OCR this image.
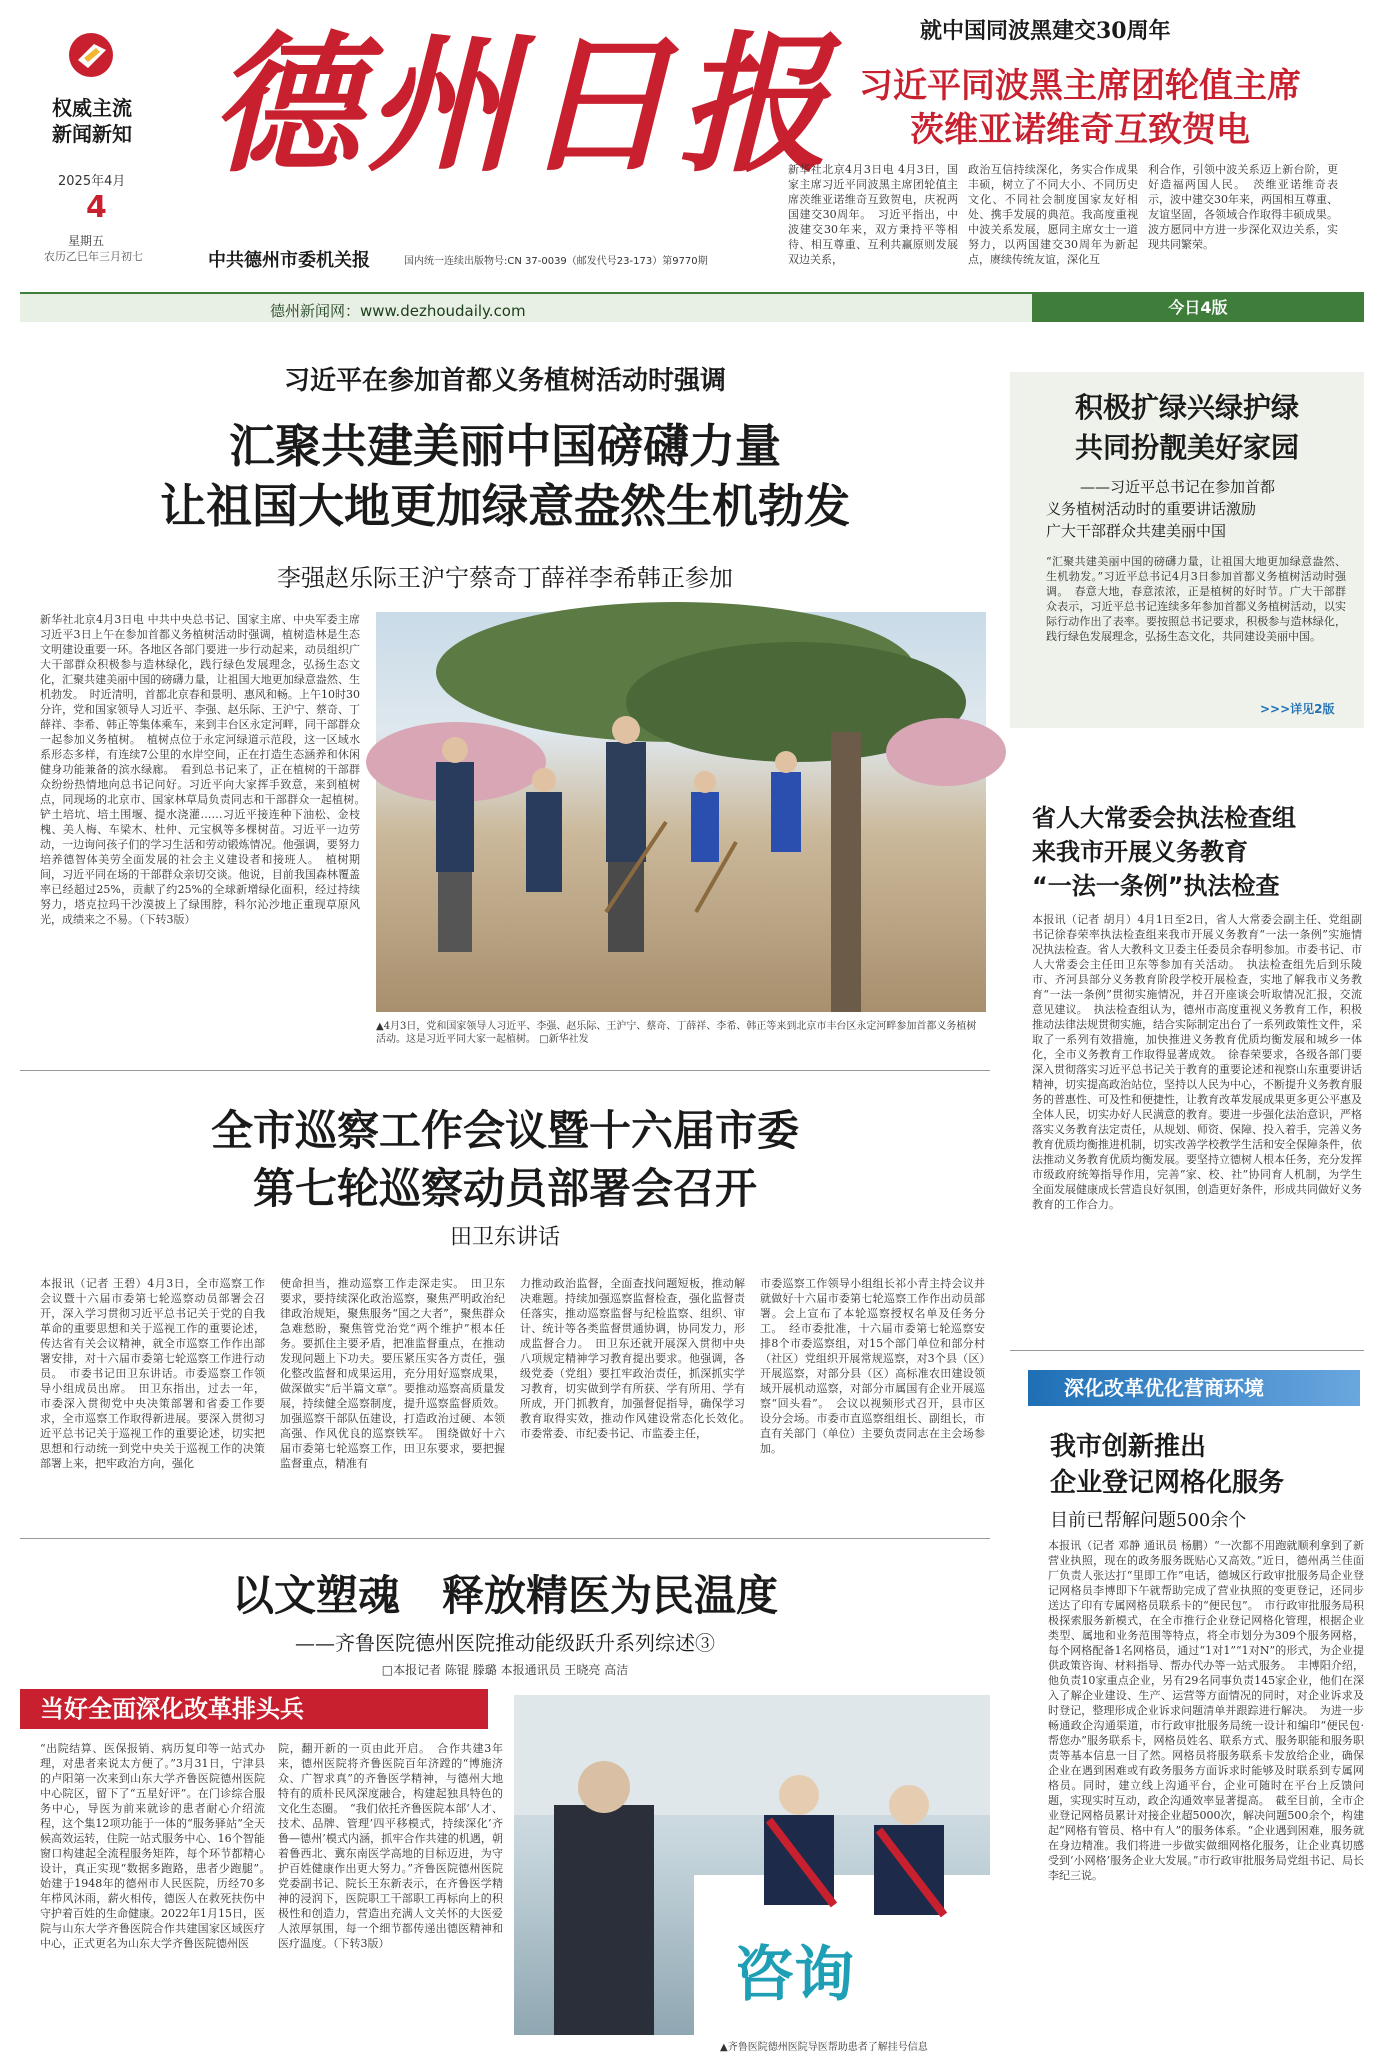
权威主流
新闻新知 德州日报
2025年4月
4
星期五
农历乙巳年三月初七	中共德州市委机关报	国内统一连续出版物号:CN 37-0039（邮发代号23-173）第9770期
就中国同波黑建交30周年
习近平同波黑主席团轮值主席
茨维亚诺维奇互致贺电
新华社北京4月3日电 4月3日，国家主席习近平同波黑主席团轮值主席茨维亚诺维奇互致贺电，庆祝两国建交30周年。　习近平指出，中波建交30年来，双方秉持平等相待、相互尊重、互利共赢原则发展双边关系，
政治互信持续深化，务实合作成果丰硕，树立了不同大小、不同历史文化、不同社会制度国家友好相处、携手发展的典范。我高度重视中波关系发展，愿同主席女士一道努力，以两国建交30周年为新起点，赓续传统友谊，深化互
利合作，引领中波关系迈上新台阶，更好造福两国人民。　茨维亚诺维奇表示，波中建交30年来，两国相互尊重、友谊坚固，各领域合作取得丰硕成果。波方愿同中方进一步深化双边关系，实现共同繁荣。
德州新闻网：www.dezhoudaily.com	今日4版
习近平在参加首都义务植树活动时强调
汇聚共建美丽中国磅礴力量
让祖国大地更加绿意盎然生机勃发
李强赵乐际王沪宁蔡奇丁薛祥李希韩正参加
新华社北京4月3日电 中共中央总书记、国家主席、中央军委主席习近平3日上午在参加首都义务植树活动时强调，植树造林是生态文明建设重要一环。各地区各部门要进一步行动起来，动员组织广大干部群众积极参与造林绿化，践行绿色发展理念，弘扬生态文化，汇聚共建美丽中国的磅礴力量，让祖国大地更加绿意盎然、生机勃发。　时近清明，首都北京春和景明、惠风和畅。上午10时30分许，党和国家领导人习近平、李强、赵乐际、王沪宁、蔡奇、丁薛祥、李希、韩正等集体乘车，来到丰台区永定河畔，同干部群众一起参加义务植树。　植树点位于永定河绿道示范段，这一区域水系形态多样，有连续7公里的水岸空间，正在打造生态涵养和休闲健身功能兼备的滨水绿廊。　看到总书记来了，正在植树的干部群众纷纷热情地向总书记问好。习近平向大家挥手致意，来到植树点，同现场的北京市、国家林草局负责同志和干部群众一起植树。　铲土培坑、培土围堰、提水浇灌……习近平接连种下油松、金枝槐、美人梅、车梁木、杜仲、元宝枫等多棵树苗。习近平一边劳动，一边询问孩子们的学习生活和劳动锻炼情况。他强调，要努力培养德智体美劳全面发展的社会主义建设者和接班人。　植树期间，习近平同在场的干部群众亲切交谈。他说，目前我国森林覆盖率已经超过25%，贡献了约25%的全球新增绿化面积，经过持续努力，塔克拉玛干沙漠披上了绿围脖，科尔沁沙地正重现草原风光，成绩来之不易。（下转3版）
▲4月3日，党和国家领导人习近平、李强、赵乐际、王沪宁、蔡奇、丁薛祥、李希、韩正等来到北京市丰台区永定河畔参加首都义务植树活动。这是习近平同大家一起植树。 □新华社发
积极扩绿兴绿护绿
共同扮靓美好家园
——习近平总书记在参加首都
义务植树活动时的重要讲话激励
广大干部群众共建美丽中国
“汇聚共建美丽中国的磅礴力量，让祖国大地更加绿意盎然、生机勃发。”习近平总书记4月3日参加首都义务植树活动时强调。　春意大地，春意浓浓，正是植树的好时节。广大干部群众表示，习近平总书记连续多年参加首都义务植树活动，以实际行动作出了表率。要按照总书记要求，积极参与造林绿化，践行绿色发展理念，弘扬生态文化，共同建设美丽中国。
>>>详见2版
省人大常委会执法检查组
来我市开展义务教育
“一法一条例”执法检查
本报讯（记者 胡月）4月1日至2日，省人大常委会副主任、党组副书记徐春荣率执法检查组来我市开展义务教育“一法一条例”实施情况执法检查。省人大教科文卫委主任委员余春明参加。市委书记、市人大常委会主任田卫东等参加有关活动。　执法检查组先后到乐陵市、齐河县部分义务教育阶段学校开展检查，实地了解我市义务教育“一法一条例”贯彻实施情况，并召开座谈会听取情况汇报，交流意见建议。　执法检查组认为，德州市高度重视义务教育工作，积极推动法律法规贯彻实施，结合实际制定出台了一系列政策性文件，采取了一系列有效措施，加快推进义务教育优质均衡发展和城乡一体化，全市义务教育工作取得显著成效。　徐春荣要求，各级各部门要深入贯彻落实习近平总书记关于教育的重要论述和视察山东重要讲话精神，切实提高政治站位，坚持以人民为中心，不断提升义务教育服务的普惠性、可及性和便捷性，让教育改革发展成果更多更公平惠及全体人民，切实办好人民满意的教育。要进一步强化法治意识，严格落实义务教育法定责任，从规划、师资、保障、投入着手，完善义务教育优质均衡推进机制，切实改善学校教学生活和安全保障条件，依法推动义务教育优质均衡发展。要坚持立德树人根本任务，充分发挥市级政府统筹指导作用，完善“家、校、社”协同育人机制，为学生全面发展健康成长营造良好氛围，创造更好条件，形成共同做好义务教育的工作合力。
全市巡察工作会议暨十六届市委
第七轮巡察动员部署会召开
田卫东讲话
本报讯（记者 王碧）4月3日，全市巡察工作会议暨十六届市委第七轮巡察动员部署会召开，深入学习贯彻习近平总书记关于党的自我革命的重要思想和关于巡视工作的重要论述，传达省有关会议精神，就全市巡察工作作出部署安排，对十六届市委第七轮巡察工作进行动员。　市委书记田卫东讲话。市委巡察工作领导小组成员出席。　田卫东指出，过去一年，市委深入贯彻党中央决策部署和省委工作要求，全市巡察工作取得新进展。要深入贯彻习近平总书记关于巡视工作的重要论述，切实把思想和行动统一到党中央关于巡视工作的决策部署上来，把牢政治方向，强化
使命担当，推动巡察工作走深走实。　田卫东要求，要持续深化政治巡察，聚焦严明政治纪律政治规矩，聚焦服务“国之大者”，聚焦群众急难愁盼，聚焦管党治党“两个维护”根本任务。要抓住主要矛盾，把准监督重点，在推动发现问题上下功夫。要压紧压实各方责任，强化整改监督和成果运用，充分用好巡察成果，做深做实“后半篇文章”。要推动巡察高质量发展，持续健全巡察制度，提升巡察监督质效。加强巡察干部队伍建设，打造政治过硬、本领高强、作风优良的巡察铁军。　围绕做好十六届市委第七轮巡察工作，田卫东要求，要把握监督重点，精准有
力推动政治监督，全面查找问题短板，推动解决难题。持续加强巡察监督检查，强化监督责任落实，推动巡察监督与纪检监察、组织、审计、统计等各类监督贯通协调，协同发力，形成监督合力。　田卫东还就开展深入贯彻中央八项规定精神学习教育提出要求。他强调，各级党委（党组）要扛牢政治责任，抓深抓实学习教育，切实做到学有所获、学有所用、学有所成，开门抓教育，加强督促指导，确保学习教育取得实效，推动作风建设常态化长效化。　市委常委、市纪委书记、市监委主任，
市委巡察工作领导小组组长祁小青主持会议并就做好十六届市委第七轮巡察工作作出动员部署。会上宣布了本轮巡察授权名单及任务分工。　经市委批准，十六届市委第七轮巡察安排8个市委巡察组，对15个部门单位和部分村（社区）党组织开展常规巡察，对3个县（区）开展巡察，对部分县（区）高标准农田建设领域开展机动巡察，对部分市属国有企业开展巡察“回头看”。　会议以视频形式召开，县市区设分会场。市委市直巡察组组长、副组长，市直有关部门（单位）主要负责同志在主会场参加。
以文塑魂　释放精医为民温度
——齐鲁医院德州医院推动能级跃升系列综述③
□本报记者 陈锟 滕璐 本报通讯员 王晓亮 高洁
当好全面深化改革排头兵
“出院结算、医保报销、病历复印等一站式办理，对患者来说太方便了。”3月31日，宁津县的卢阳第一次来到山东大学齐鲁医院德州医院中心院区，留下了“五星好评”。在门诊综合服务中心，导医为前来就诊的患者耐心介绍流程，这个集12项功能于一体的“服务驿站”全天候高效运转，住院一站式服务中心、16个智能窗口构建起全流程服务矩阵，每个环节都精心设计，真正实现“数据多跑路，患者少跑腿”。　始建于1948年的德州市人民医院，历经70多年栉风沐雨，薪火相传，德医人在救死扶伤中守护着百姓的生命健康。2022年1月15日，医院与山东大学齐鲁医院合作共建国家区域医疗中心，正式更名为山东大学齐鲁医院德州医
院，翻开新的一页由此开启。　合作共建3年来，德州医院将齐鲁医院百年济蹚的“博施济众、广智求真”的齐鲁医学精神，与德州大地特有的质朴民风深度融合，构建起独具特色的文化生态圈。　“我们依托齐鲁医院本部‘人才、技术、品牌、管理’四平移模式，持续深化‘齐鲁—德州’模式内涵，抓牢合作共建的机遇，朝着鲁西北、冀东南医学高地的目标迈进，为守护百姓健康作出更大努力。”齐鲁医院德州医院党委副书记、院长王东新表示，在齐鲁医学精神的浸润下，医院职工干部职工再标向上的积极性和创造力，营造出充满人文关怀的大医爱人浓厚氛围，每一个细节都传递出德医精神和医疗温度。（下转3版）	咨询
▲齐鲁医院德州医院导医帮助患者了解挂号信息
深化改革优化营商环境
我市创新推出
企业登记网格化服务
目前已帮解问题500余个
本报讯（记者 邓静 通讯员 杨鹏）“一次都不用跑就顺利拿到了新营业执照，现在的政务服务既贴心又高效。”近日，德州禹兰佳面厂负责人张达打“里即工作”电话，德城区行政审批服务局企业登记网格员李博即下午就帮助完成了营业执照的变更登记，还同步送达了印有专属网格员联系卡的“便民包”。　市行政审批服务局积极探索服务新模式，在全市推行企业登记网格化管理，根据企业类型、属地和业务范围等特点，将全市划分为309个服务网格，每个网格配备1名网格员，通过“1对1”“1对N”的形式，为企业提供政策咨询、材料指导、帮办代办等一站式服务。　丰博阳介绍，他负责10家重点企业，另有29名同事负责145家企业，他们在深入了解企业建设、生产、运营等方面情况的同时，对企业诉求及时登记，整理形成企业诉求问题清单并跟踪进行解决。　为进一步畅通政企沟通渠道，市行政审批服务局统一设计和编印“便民包·帮您办”服务联系卡，网格员姓名、联系方式、服务职能和服务职责等基本信息一目了然。网格员将服务联系卡发放给企业，确保企业在遇到困难或有政务服务方面诉求时能够及时联系到专属网格员。同时，建立线上沟通平台，企业可随时在平台上反馈问题，实现实时互动，政企沟通效率显著提高。　截至目前，全市企业登记网格员累计对接企业超5000次，解决问题500余个，构建起“网格有管员、格中有人”的服务体系。“企业遇到困难，服务就在身边精准。我们将进一步做实做细网格化服务，让企业真切感受到‘小网格’服务企业大发展。”市行政审批服务局党组书记、局长李纪三说。
